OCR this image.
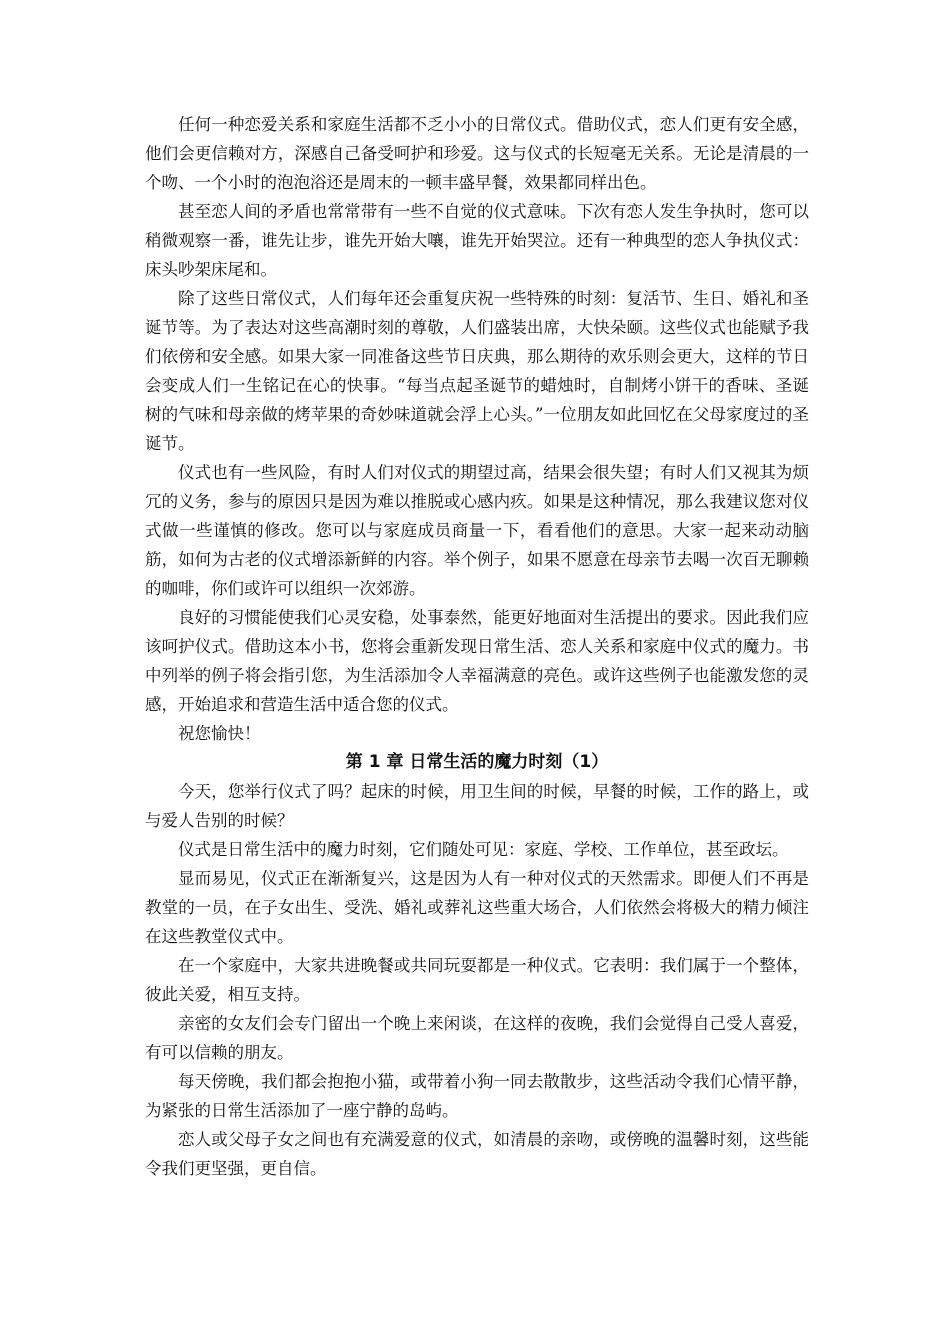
任何一种恋爱关系和家庭生活都不乏小小的日常仪式。借助仪式，恋人们更有安全感，他们会更信赖对方，深感自己备受呵护和珍爱。这与仪式的长短毫无关系。无论是清晨的一个吻、一个小时的泡泡浴还是周末的一顿丰盛早餐，效果都同样出色。

甚至恋人间的矛盾也常常带有一些不自觉的仪式意味。下次有恋人发生争执时，您可以稍微观察一番，谁先让步，谁先开始大嚷，谁先开始哭泣。还有一种典型的恋人争执仪式：床头吵架床尾和。

除了这些日常仪式，人们每年还会重复庆祝一些特殊的时刻：复活节、生日、婚礼和圣诞节等。为了表达对这些高潮时刻的尊敬，人们盛装出席，大快朵颐。这些仪式也能赋予我们依傍和安全感。如果大家一同准备这些节日庆典，那么期待的欢乐则会更大，这样的节日会变成人们一生铭记在心的快事。“每当点起圣诞节的蜡烛时，自制烤小饼干的香味、圣诞树的气味和母亲做的烤苹果的奇妙味道就会浮上心头。”一位朋友如此回忆在父母家度过的圣诞节。

仪式也有一些风险，有时人们对仪式的期望过高，结果会很失望；有时人们又视其为烦冗的义务，参与的原因只是因为难以推脱或心感内疚。如果是这种情况，那么我建议您对仪式做一些谨慎的修改。您可以与家庭成员商量一下，看看他们的意思。大家一起来动动脑筋，如何为古老的仪式增添新鲜的内容。举个例子，如果不愿意在母亲节去喝一次百无聊赖的咖啡，你们或许可以组织一次郊游。

良好的习惯能使我们心灵安稳，处事泰然，能更好地面对生活提出的要求。因此我们应该呵护仪式。借助这本小书，您将会重新发现日常生活、恋人关系和家庭中仪式的魔力。书中列举的例子将会指引您，为生活添加令人幸福满意的亮色。或许这些例子也能激发您的灵感，开始追求和营造生活中适合您的仪式。

祝您愉快！

第 1 章 日常生活的魔力时刻（1）

今天，您举行仪式了吗？起床的时候，用卫生间的时候，早餐的时候，工作的路上，或与爱人告别的时候？

仪式是日常生活中的魔力时刻，它们随处可见：家庭、学校、工作单位，甚至政坛。

显而易见，仪式正在渐渐复兴，这是因为人有一种对仪式的天然需求。即便人们不再是教堂的一员，在子女出生、受洗、婚礼或葬礼这些重大场合，人们依然会将极大的精力倾注在这些教堂仪式中。

在一个家庭中，大家共进晚餐或共同玩耍都是一种仪式。它表明：我们属于一个整体，彼此关爱，相互支持。

亲密的女友们会专门留出一个晚上来闲谈，在这样的夜晚，我们会觉得自己受人喜爱，有可以信赖的朋友。

每天傍晚，我们都会抱抱小猫，或带着小狗一同去散散步，这些活动令我们心情平静，为紧张的日常生活添加了一座宁静的岛屿。

恋人或父母子女之间也有充满爱意的仪式，如清晨的亲吻，或傍晚的温馨时刻，这些能令我们更坚强，更自信。
